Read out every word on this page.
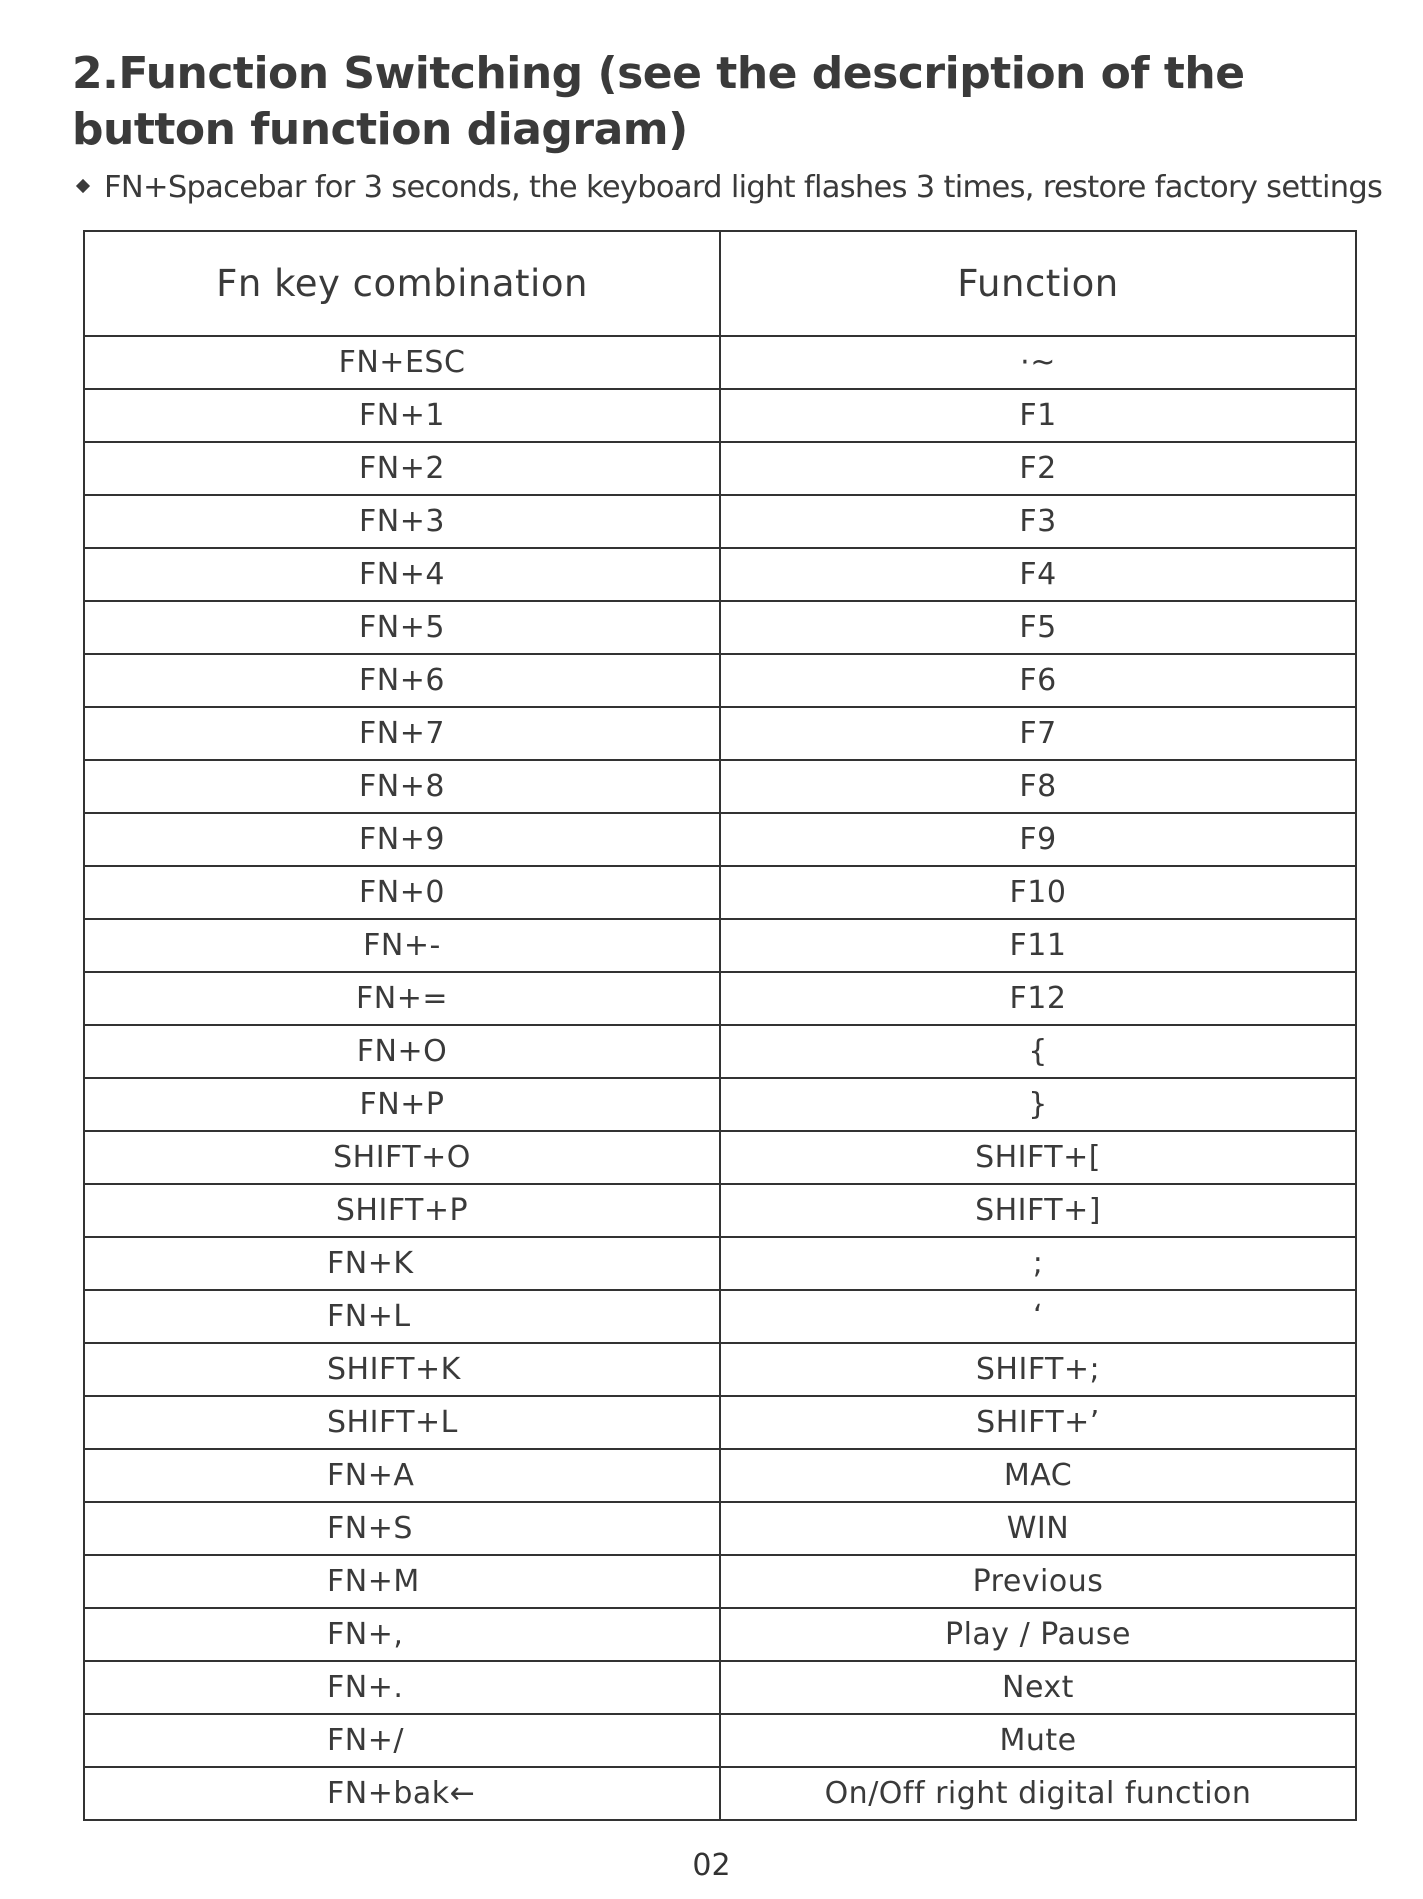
2.Function Switching (see the description of the button function diagram)
FN+Spacebar for 3 seconds, the keyboard light flashes 3 times, restore factory settings
Fn key combination	Function
FN+ESC	·~
FN+1	F1
FN+2	F2
FN+3	F3
FN+4	F4
FN+5	F5
FN+6	F6
FN+7	F7
FN+8	F8
FN+9	F9
FN+0	F10
FN+-	F11
FN+=	F12
FN+O	{
FN+P	}
SHIFT+O	SHIFT+[
SHIFT+P	SHIFT+]
FN+K	;
FN+L	‘
SHIFT+K	SHIFT+;
SHIFT+L	SHIFT+’
FN+A	MAC
FN+S	WIN
FN+M	Previous
FN+,	Play / Pause
FN+.	Next
FN+/	Mute
FN+bak←	On/Off right digital function
02
